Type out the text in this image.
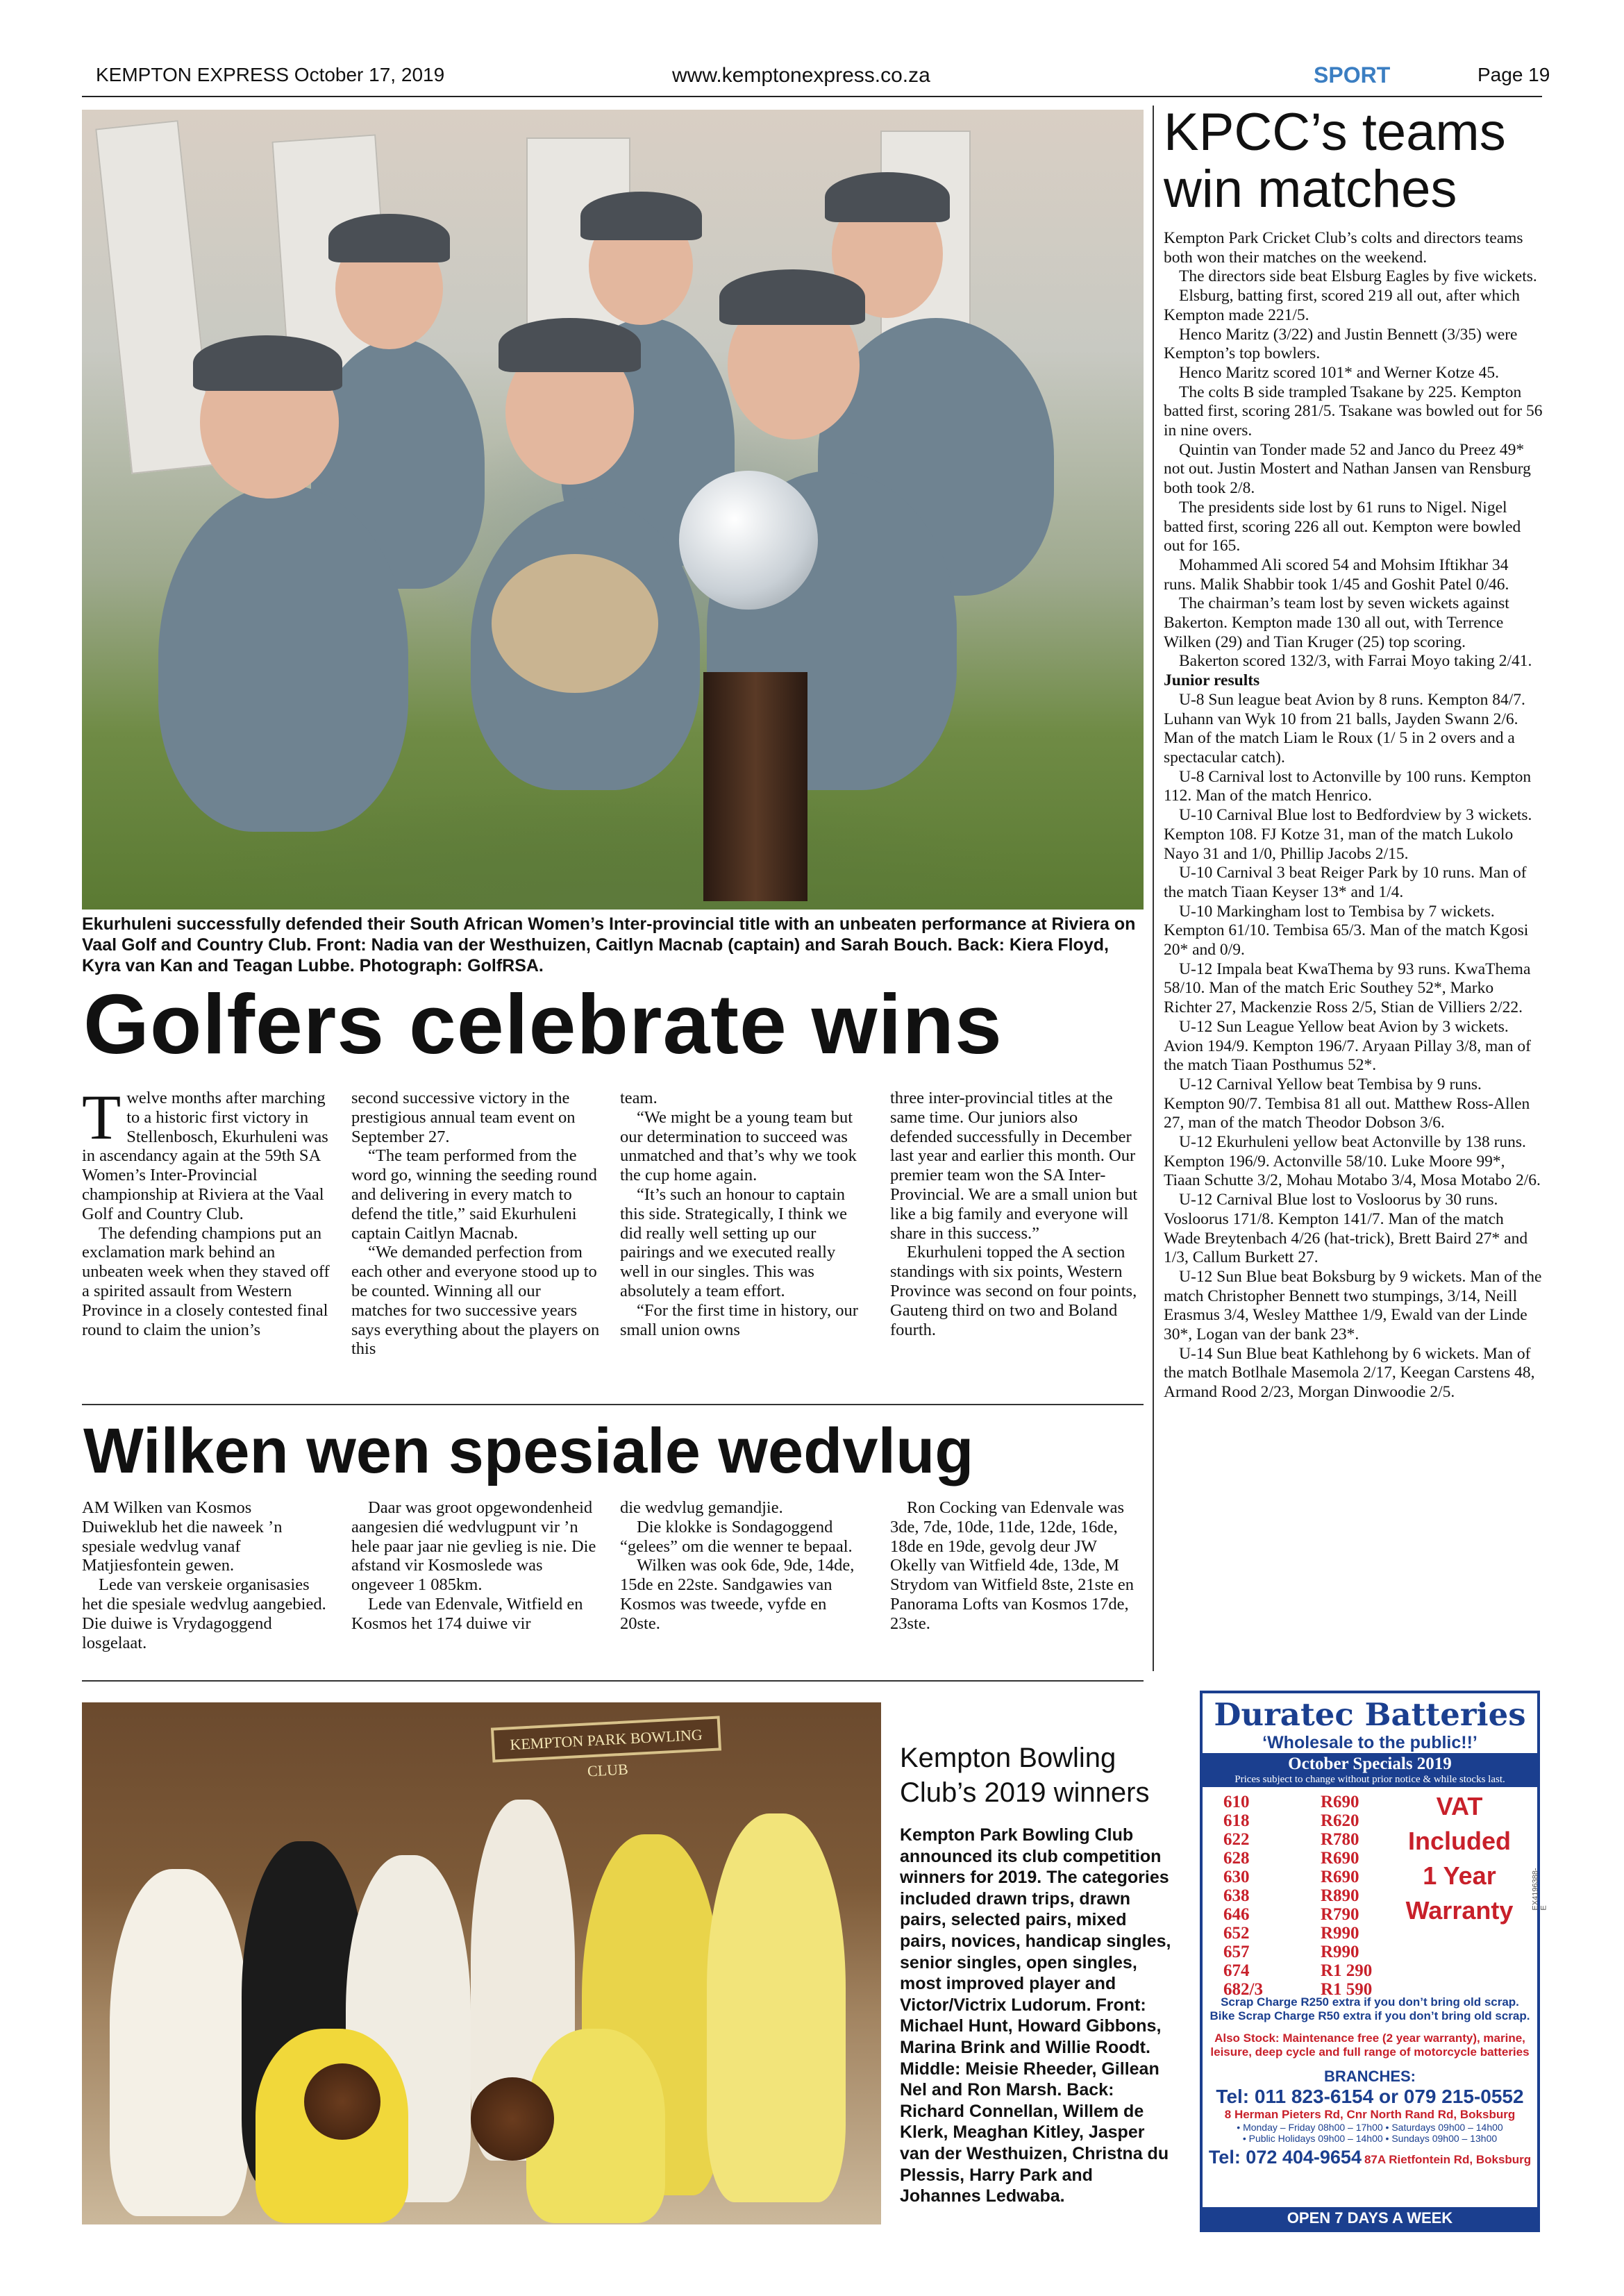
KEMPTON EXPRESS October 17, 2019	www.kemptonexpress.co.za	SPORT	Page 19
Ekurhuleni successfully defended their South African Women’s Inter-provincial title with an unbeaten performance at Riviera on Vaal Golf and Country Club. Front: Nadia van der Westhuizen, Caitlyn Macnab (captain) and Sarah Bouch. Back: Kiera Floyd, Kyra van Kan and Teagan Lubbe. Photograph: GolfRSA.
Golfers celebrate wins
T welve months after marching to a historic first victory in Stellenbosch, Ekurhuleni was in ascendancy again at the 59th SA Women’s Inter-Provincial championship at Riviera at the Vaal Golf and Country Club.

The defending champions put an exclamation mark behind an unbeaten week when they staved off a spirited assault from Western Province in a closely contested final round to claim the union’s

second successive victory in the prestigious annual team event on September 27.

“The team performed from the word go, winning the seeding round and delivering in every match to defend the title,” said Ekurhuleni captain Caitlyn Macnab.

“We demanded perfection from each other and everyone stood up to be counted. Winning all our matches for two successive years says everything about the players on this

team.

“We might be a young team but our determination to succeed was unmatched and that’s why we took the cup home again.

“It’s such an honour to captain this side. Strategically, I think we did really well setting up our pairings and we executed really well in our singles. This was absolutely a team effort.

“For the first time in history, our small union owns

three inter-provincial titles at the same time. Our juniors also defended successfully in December last year and earlier this month. Our premier team won the SA Inter-Provincial. We are a small union but like a big family and everyone will share in this success.”

Ekurhuleni topped the A section standings with six points, Western Province was second on four points, Gauteng third on two and Boland fourth.

Wilken wen spesiale wedvlug

AM Wilken van Kosmos Duiweklub het die naweek ’n spesiale wedvlug vanaf Matjiesfontein gewen.

Lede van verskeie organisasies het die spesiale wedvlug aangebied. Die duiwe is Vrydagoggend losgelaat.

Daar was groot opgewondenheid aangesien dié wedvlugpunt vir ’n hele paar jaar nie gevlieg is nie. Die afstand vir Kosmoslede was ongeveer 1 085km.

Lede van Edenvale, Witfield en Kosmos het 174 duiwe vir

die wedvlug gemandjie.

Die klokke is Sondagoggend “gelees” om die wenner te bepaal.

Wilken was ook 6de, 9de, 14de, 15de en 22ste. Sandgawies van Kosmos was tweede, vyfde en 20ste.

Ron Cocking van Edenvale was 3de, 7de, 10de, 11de, 12de, 16de, 18de en 19de, gevolg deur JW Okelly van Witfield 4de, 13de, M Strydom van Witfield 8ste, 21ste en Panorama Lofts van Kosmos 17de, 23ste.

KPCC’s teams win matches

Kempton Park Cricket Club’s colts and directors teams both won their matches on the weekend.

The directors side beat Elsburg Eagles by five wickets.

Elsburg, batting first, scored 219 all out, after which Kempton made 221/5.

Henco Maritz (3/22) and Justin Bennett (3/35) were Kempton’s top bowlers.

Henco Maritz scored 101* and Werner Kotze 45.

The colts B side trampled Tsakane by 225. Kempton batted first, scoring 281/5. Tsakane was bowled out for 56 in nine overs.

Quintin van Tonder made 52 and Janco du Preez 49* not out. Justin Mostert and Nathan Jansen van Rensburg both took 2/8.

The presidents side lost by 61 runs to Nigel. Nigel batted first, scoring 226 all out. Kempton were bowled out for 165.

Mohammed Ali scored 54 and Mohsim Iftikhar 34 runs. Malik Shabbir took 1/45 and Goshit Patel 0/46.

The chairman’s team lost by seven wickets against Bakerton. Kempton made 130 all out, with Terrence Wilken (29) and Tian Kruger (25) top scoring.

Bakerton scored 132/3, with Farrai Moyo taking 2/41.

Junior results

U-8 Sun league beat Avion by 8 runs. Kempton 84/7. Luhann van Wyk 10 from 21 balls, Jayden Swann 2/6. Man of the match Liam le Roux (1/ 5 in 2 overs and a spectacular catch).

U-8 Carnival lost to Actonville by 100 runs. Kempton 112. Man of the match Henrico.

U-10 Carnival Blue lost to Bedfordview by 3 wickets. Kempton 108. FJ Kotze 31, man of the match Lukolo Nayo 31 and 1/0, Phillip Jacobs 2/15.

U-10 Carnival 3 beat Reiger Park by 10 runs. Man of the match Tiaan Keyser 13* and 1/4.

U-10 Markingham lost to Tembisa by 7 wickets. Kempton 61/10. Tembisa 65/3. Man of the match Kgosi 20* and 0/9.

U-12 Impala beat KwaThema by 93 runs. KwaThema 58/10. Man of the match Eric Southey 52*, Marko Richter 27, Mackenzie Ross 2/5, Stian de Villiers 2/22.

U-12 Sun League Yellow beat Avion by 3 wickets. Avion 194/9. Kempton 196/7. Aryaan Pillay 3/8, man of the match Tiaan Posthumus 52*.

U-12 Carnival Yellow beat Tembisa by 9 runs. Kempton 90/7. Tembisa 81 all out. Matthew Ross-Allen 27, man of the match Theodor Dobson 3/6.

U-12 Ekurhuleni yellow beat Actonville by 138 runs. Kempton 196/9. Actonville 58/10. Luke Moore 99*, Tiaan Schutte 3/2, Mohau Motabo 3/4, Mosa Motabo 2/6.

U-12 Carnival Blue lost to Vosloorus by 30 runs. Vosloorus 171/8. Kempton 141/7. Man of the match Wade Breytenbach 4/26 (hat-trick), Brett Baird 27* and 1/3, Callum Burkett 27.

U-12 Sun Blue beat Boksburg by 9 wickets. Man of the match Christopher Bennett two stumpings, 3/14, Neill Erasmus 3/4, Wesley Matthee 1/9, Ewald van der Linde 30*, Logan van der bank 23*.

U-14 Sun Blue beat Kathlehong by 6 wickets. Man of the match Botlhale Masemola 2/17, Keegan Carstens 48, Armand Rood 2/23, Morgan Dinwoodie 2/5.

KEMPTON PARK BOWLING CLUB	Kempton Bowling Club’s 2019 winners
Kempton Park Bowling Club announced its club competition winners for 2019. The categories included drawn trips, drawn pairs, selected pairs, mixed pairs, novices, handicap singles, senior singles, open singles, most improved player and Victor/Victrix Ludorum. Front: Michael Hunt, Howard Gibbons, Marina Brink and Willie Roodt. Middle: Meisie Rheeder, Gillean Nel and Ron Marsh. Back: Richard Connellan, Willem de Klerk, Meaghan Kitley, Jasper van der Westhuizen, Christna du Plessis, Harry Park and Johannes Ledwaba.
Duratec Batteries
‘Wholesale to the public!!’
October Specials 2019
Prices subject to change without prior notice & while stocks last.
610	R690
618	R620
622	R780
628	R690
630	R690
638	R890
646	R790
652	R990
657	R990
674	R1 290
682/3	R1 590
VAT
Included
1 Year
Warranty	EX4196388-E
Scrap Charge R250 extra if you don’t bring old scrap.
Bike Scrap Charge R50 extra if you don’t bring old scrap.
Also Stock: Maintenance free (2 year warranty), marine, leisure, deep cycle and full range of motorcycle batteries
BRANCHES:
Tel: 011 823-6154 or 079 215-0552
8 Herman Pieters Rd, Cnr North Rand Rd, Boksburg
• Monday – Friday 08h00 – 17h00 • Saturdays 09h00 – 14h00
• Public Holidays 09h00 – 14h00 • Sundays 09h00 – 13h00
Tel: 072 404-9654 87A Rietfontein Rd, Boksburg
OPEN 7 DAYS A WEEK
